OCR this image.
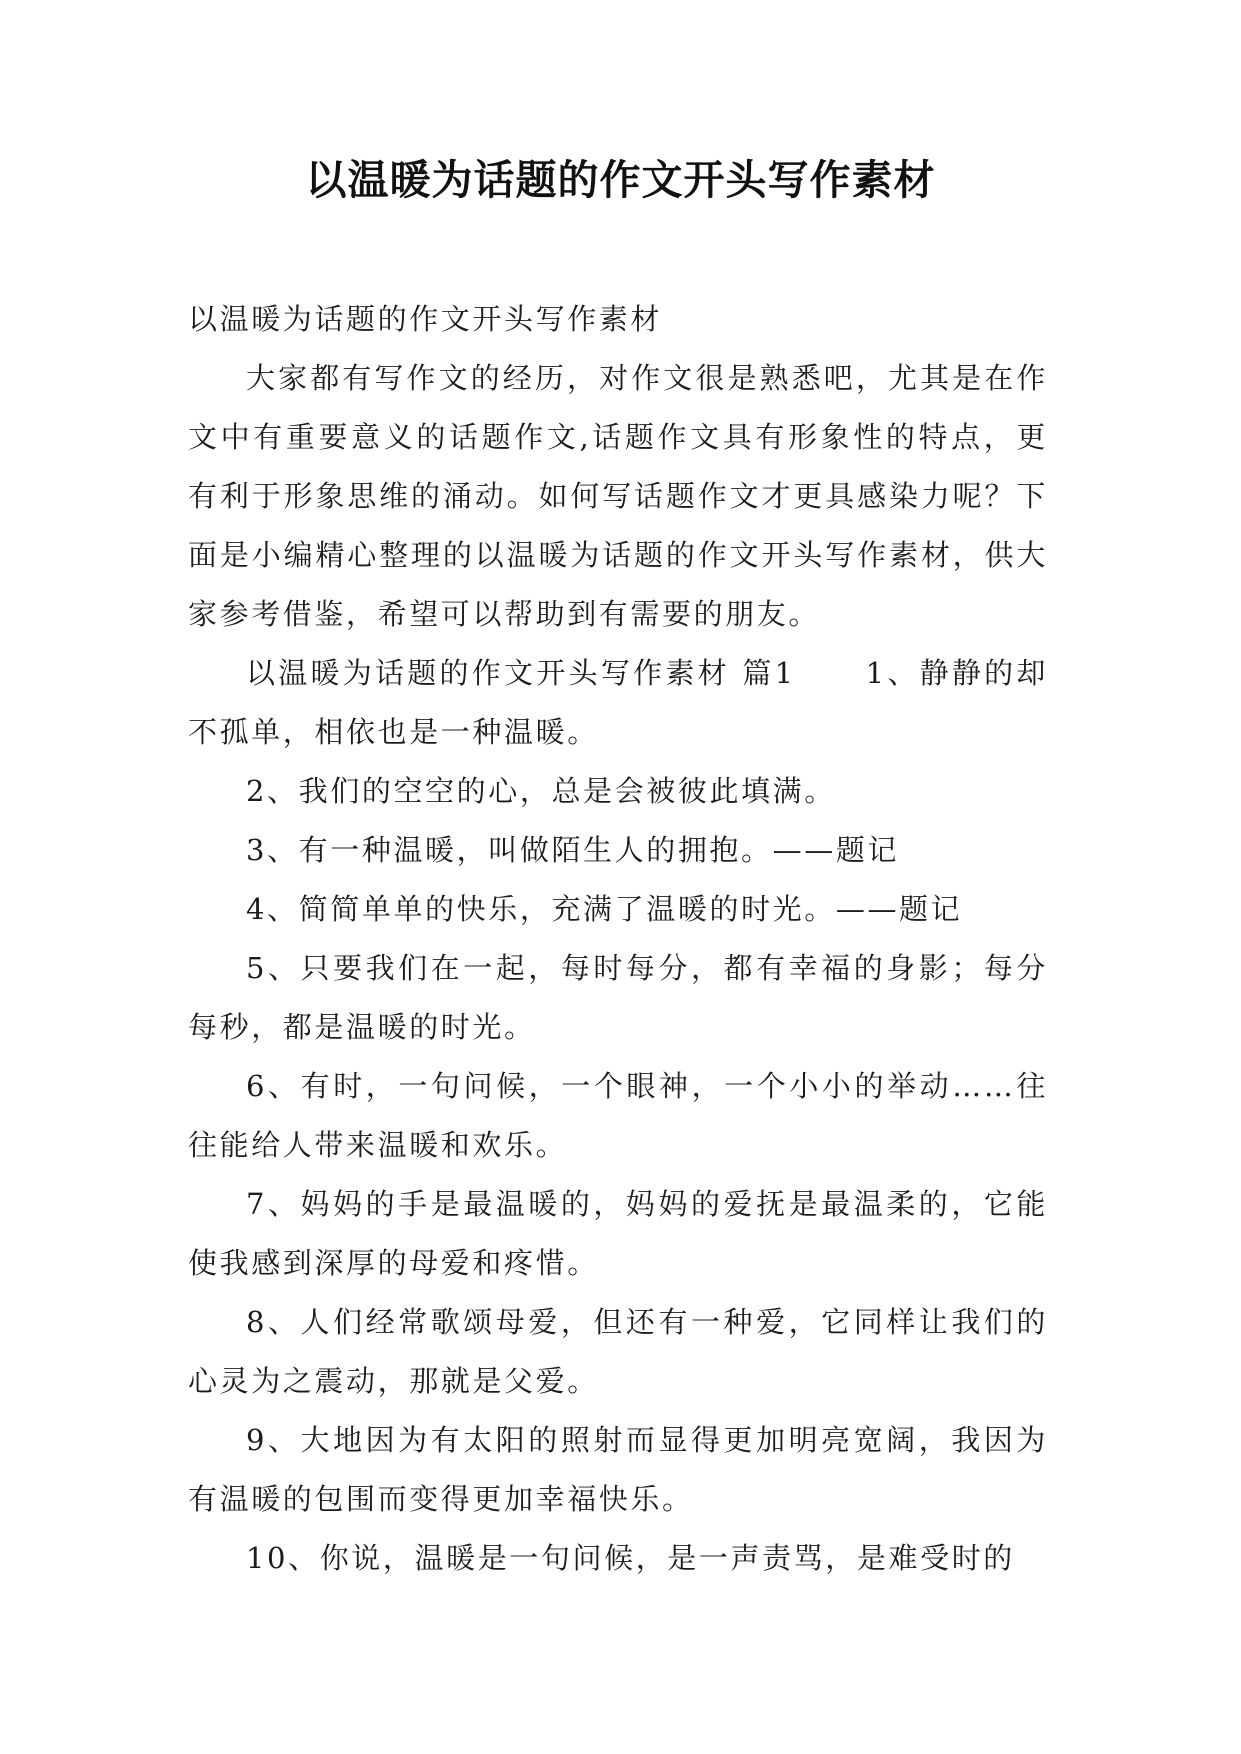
以温暖为话题的作文开头写作素材

以温暖为话题的作文开头写作素材

大家都有写作文的经历，对作文很是熟悉吧，尤其是在作文中有重要意义的话题作文,话题作文具有形象性的特点，更有利于形象思维的涌动。如何写话题作文才更具感染力呢？下面是小编精心整理的以温暖为话题的作文开头写作素材，供大家参考借鉴，希望可以帮助到有需要的朋友。

以温暖为话题的作文开头写作素材 篇1 1、静静的却不孤单，相依也是一种温暖。

2、我们的空空的心，总是会被彼此填满。

3、有一种温暖，叫做陌生人的拥抱。——题记

4、简简单单的快乐，充满了温暖的时光。——题记

5、只要我们在一起，每时每分，都有幸福的身影；每分每秒，都是温暖的时光。

6、有时，一句问候，一个眼神，一个小小的举动……往往能给人带来温暖和欢乐。

7、妈妈的手是最温暖的，妈妈的爱抚是最温柔的，它能使我感到深厚的母爱和疼惜。

8、人们经常歌颂母爱，但还有一种爱，它同样让我们的心灵为之震动，那就是父爱。

9、大地因为有太阳的照射而显得更加明亮宽阔，我因为有温暖的包围而变得更加幸福快乐。

10、你说，温暖是一句问候，是一声责骂，是难受时的
